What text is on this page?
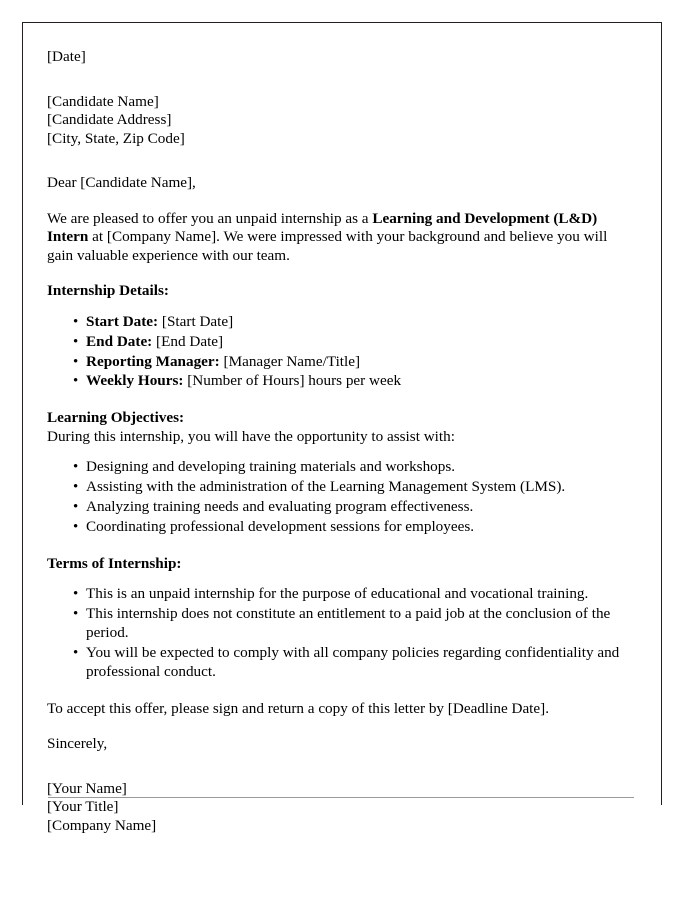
[Date]

[Candidate Name]

[Candidate Address]

[City, State, Zip Code]

Dear [Candidate Name],

We are pleased to offer you an unpaid internship as a Learning and Development (L&D) Intern at [Company Name]. We were impressed with your background and believe you will gain valuable experience with our team.

Internship Details:

• Start Date: [Start Date]
• End Date: [End Date]
• Reporting Manager: [Manager Name/Title]
• Weekly Hours: [Number of Hours] hours per week

Learning Objectives:

During this internship, you will have the opportunity to assist with:

• Designing and developing training materials and workshops.
• Assisting with the administration of the Learning Management System (LMS).
• Analyzing training needs and evaluating program effectiveness.
• Coordinating professional development sessions for employees.

Terms of Internship:

• This is an unpaid internship for the purpose of educational and vocational training.
• This internship does not constitute an entitlement to a paid job at the conclusion of the period.
• You will be expected to comply with all company policies regarding confidentiality and professional conduct.

To accept this offer, please sign and return a copy of this letter by [Deadline Date].

Sincerely,

[Your Name]

[Your Title]

[Company Name]
